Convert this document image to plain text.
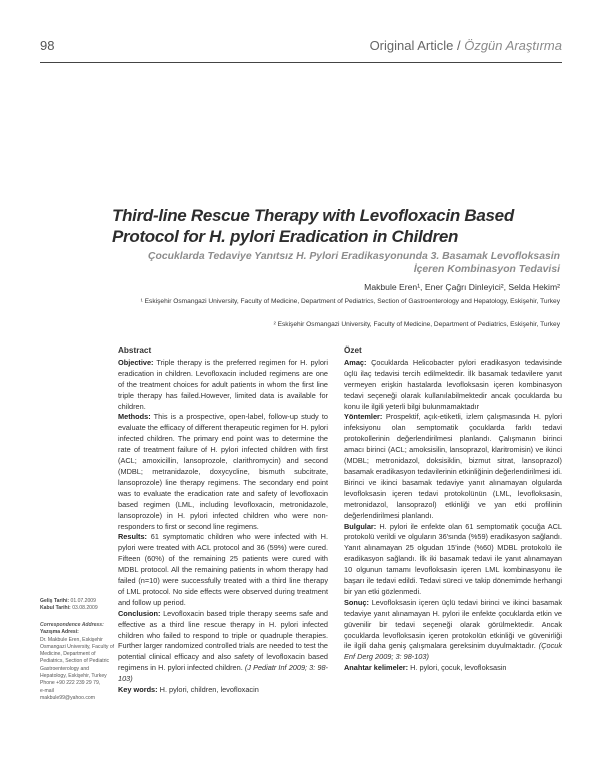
98	Original Article / Özgün Araştırma
Third-line Rescue Therapy with Levofloxacin Based Protocol for H. pylori Eradication in Children
Çocuklarda Tedaviye Yanıtsız H. Pylori Eradikasyonunda 3. Basamak Levofloksasin İçeren Kombinasyon Tedavisi
Makbule Eren¹, Ener Çağrı Dinleyici², Selda Hekim²
¹ Eskişehir Osmangazi University, Faculty of Medicine, Department of Pediatrics, Section of Gastroenterology and Hepatology, Eskişehir, Turkey
² Eskişehir Osmangazi University, Faculty of Medicine, Department of Pediatrics, Eskişehir, Turkey
Abstract

Objective: Triple therapy is the preferred regimen for H. pylori eradication in children. Levofloxacin included regimens are one of the treatment choices for adult patients in whom the first line triple therapy has failed.However, limited data is available for children.

Methods: This is a prospective, open-label, follow-up study to evaluate the efficacy of different therapeutic regimen for H. pylori infected children. The primary end point was to determine the rate of treatment failure of H. pylori infected children with first (ACL; amoxicillin, lansoprozole, clarithromycin) and second (MDBL; metranidazole, doxycycline, bismuth subcitrate, lansoprozole) line therapy regimens. The secondary end point was to evaluate the eradication rate and safety of levofloxacin based regimen (LML, including levofloxacin, metronidazole, lansoprozole) in H. pylori infected children who were non-responders to first or second line regimens.

Results: 61 symptomatic children who were infected with H. pylori were treated with ACL protocol and 36 (59%) were cured. Fifteen (60%) of the remaining 25 patients were cured with MDBL protocol. All the remaining patients in whom therapy had failed (n=10) were successfully treated with a third line therapy of LML protocol. No side effects were observed during treatment and follow up period.

Conclusion: Levofloxacin based triple therapy seems safe and effective as a third line rescue therapy in H. pylori infected children who failed to respond to triple or quadruple therapies. Further larger randomized controlled trials are needed to test the potential clinical efficacy and also safety of levofloxacin based regimens in H. pylori infected children. (J Pediatr Inf 2009; 3: 98-103)

Key words: H. pylori, children, levofloxacin

Özet

Amaç: Çocuklarda Helicobacter pylori eradikasyon tedavisinde üçlü ilaç tedavisi tercih edilmektedir. İlk basamak tedavilere yanıt vermeyen erişkin hastalarda levofloksasin içeren kombinasyon tedavi seçeneği olarak kullanılabilmektedir ancak çocuklarda bu konu ile ilgili yeterli bilgi bulunmamaktadır

Yöntemler: Prospektif, açık-etiketli, izlem çalışmasında H. pylori infeksiyonu olan semptomatik çocuklarda farklı tedavi protokollerinin değerlendirilmesi planlandı. Çalışmanın birinci amacı birinci (ACL; amoksisilin, lansoprazol, klaritromisin) ve ikinci (MDBL; metronidazol, doksisiklin, bizmut sitrat, lansoprazol) basamak eradikasyon tedavilerinin etkinliğinin değerlendirilmesi idi. Birinci ve ikinci basamak tedaviye yanıt alınamayan olgularda levofloksasin içeren tedavi protokolünün (LML, levofloksasin, metronidazol, lansoprazol) etkinliği ve yan etki profilinin değerlendirilmesi planlandı.

Bulgular: H. pylori ile enfekte olan 61 semptomatik çocuğa ACL protokolü verildi ve olguların 36'sında (%59) eradikasyon sağlandı. Yanıt alınamayan 25 olgudan 15'inde (%60) MDBL protokolü ile eradikasyon sağlandı. İlk iki basamak tedavi ile yanıt alınamayan 10 olgunun tamamı levofloksasin içeren LML kombinasyonu ile başarı ile tedavi edildi. Tedavi süreci ve takip dönemimde herhangi bir yan etki gözlenmedi.

Sonuç: Levofloksasin içeren üçlü tedavi birinci ve ikinci basamak tedaviye yanıt alınamayan H. pylori ile enfekte çocuklarda etkin ve güvenilir bir tedavi seçeneği olarak görülmektedir. Ancak çocuklarda levofloksasin içeren protokolün etkinliği ve güvenirliği ile ilgili daha geniş çalışmalara gereksinim duyulmaktadır. (Çocuk Enf Derg 2009; 3: 98-103)

Anahtar kelimeler: H. pylori, çocuk, levofloksasin

Geliş Tarihi: 01.07.2009
Kabul Tarihi: 03.08.2009
Correspondence Address:
Yazışma Adresi:
Dr. Makbule Eren, Eskişehir Osmangazi University, Faculty of Medicine, Department of Pediatrics, Section of Pediatric Gastroenterology and Hepatology, Eskişehir, Turkey
Phone +90 222 239 29 79,
e-mail
makbule99@yahoo.com
